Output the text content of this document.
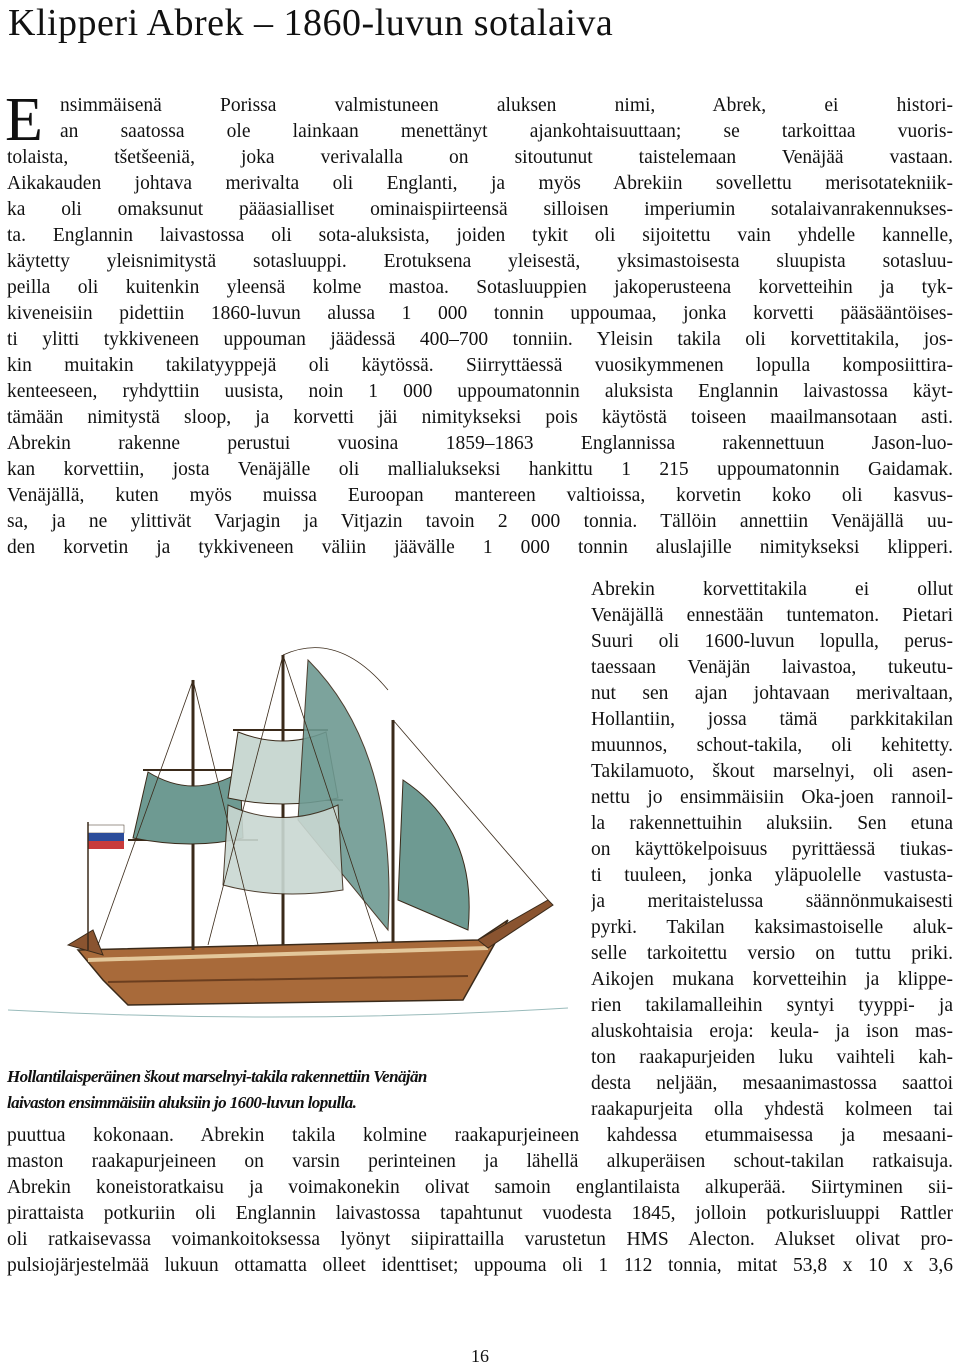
Klipperi Abrek – 1860-luvun sotalaiva
E nsimmäisenä Porissa valmistuneen aluksen nimi, Abrek, ei histori-
an saatossa ole lainkaan menettänyt ajankohtaisuuttaan; se tarkoittaa vuoris-
tolaista, tšetšeeniä, joka verivalalla on sitoutunut taistelemaan Venäjää vastaan.
Aikakauden johtava merivalta oli Englanti, ja myös Abrekiin sovellettu merisotatekniik-
ka oli omaksunut pääasialliset ominaispiirteensä silloisen imperiumin sotalaivanrakennukses-
ta. Englannin laivastossa oli sota-aluksista, joiden tykit oli sijoitettu vain yhdelle kannelle,
käytetty yleisnimitystä sotasluuppi. Erotuksena yleisestä, yksimastoisesta sluupista sotasluu-
peilla oli kuitenkin yleensä kolme mastoa. Sotasluuppien jakoperusteena korvetteihin ja tyk-
kiveneisiin pidettiin 1860-luvun alussa 1 000 tonnin uppoumaa, jonka korvetti pääsääntöises-
ti ylitti tykkiveneen uppouman jäädessä 400–700 tonniin. Yleisin takila oli korvettitakila, jos-
kin muitakin takilatyyppejä oli käytössä. Siirryttäessä vuosikymmenen lopulla komposiittira-
kenteeseen, ryhdyttiin uusista, noin 1 000 uppoumatonnin aluksista Englannin laivastossa käyt-
tämään nimitystä sloop, ja korvetti jäi nimitykseksi pois käytöstä toiseen maailmansotaan asti.
Abrekin rakenne perustui vuosina 1859–1863 Englannissa rakennettuun Jason-luo-
kan korvettiin, josta Venäjälle oli mallialukseksi hankittu 1 215 uppoumatonnin Gaidamak.
Venäjällä, kuten myös muissa Euroopan mantereen valtioissa, korvetin koko oli kasvus-
sa, ja ne ylittivät Varjagin ja Vitjazin tavoin 2 000 tonnia. Tällöin annettiin Venäjällä uu-
den korvetin ja tykkiveneen väliin jäävälle 1 000 tonnin aluslajille nimitykseksi klipperi.
Abrekin korvettitakila ei ollut
Venäjällä ennestään tuntematon. Pietari
Suuri oli 1600-luvun lopulla, perus-
taessaan Venäjän laivastoa, tukeutu-
nut sen ajan johtavaan merivaltaan,
Hollantiin, jossa tämä parkkitakilan
muunnos, schout-takila, oli kehitetty.
Takilamuoto, škout marselnyi, oli asen-
nettu jo ensimmäisiin Oka-joen rannoil-
la rakennettuihin aluksiin. Sen etuna
on käyttökelpoisuus pyrittäessä tiukas-
ti tuuleen, jonka yläpuolelle vastusta-
ja meritaistelussa säännönmukaisesti
pyrki. Takilan kaksimastoiselle aluk-
selle tarkoitettu versio on tuttu priki.
Aikojen mukana korvetteihin ja klippe-
rien takilamalleihin syntyi tyyppi- ja
aluskohtaisia eroja: keula- ja ison mas-
ton raakapurjeiden luku vaihteli kah-
desta neljään, mesaanimastossa saattoi
raakapurjeita olla yhdestä kolmeen tai
Hollantilaisperäinen škout marselnyi-takila rakennettiin Venäjän
laivaston ensimmäisiin aluksiin jo 1600-luvun lopulla.
puuttua kokonaan. Abrekin takila kolmine raakapurjeineen kahdessa etummaisessa ja mesaani-
maston raakapurjeineen on varsin perinteinen ja lähellä alkuperäisen schout-takilan ratkaisuja.
Abrekin koneistoratkaisu ja voimakonekin olivat samoin englantilaista alkuperää. Siirtyminen sii-
pirattaista potkuriin oli Englannin laivastossa tapahtunut vuodesta 1845, jolloin potkurisluuppi Rattler
oli ratkaisevassa voimankoitoksessa lyönyt siipirattailla varustetun HMS Alecton. Alukset olivat pro-
pulsiojärjestelmää lukuun ottamatta olleet identtiset; uppouma oli 1 112 tonnia, mitat 53,8 x 10 x 3,6
16
